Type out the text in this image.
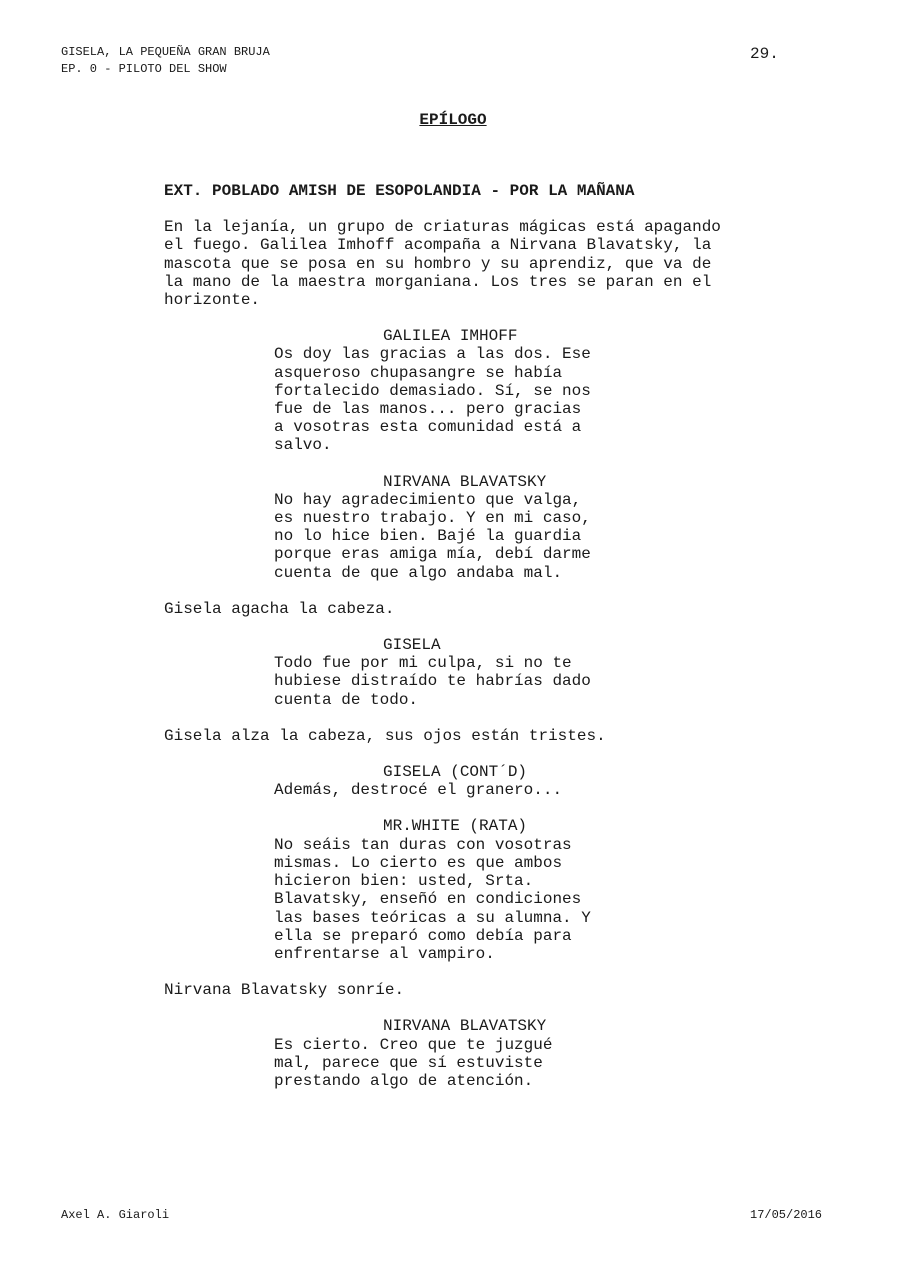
GISELA, LA PEQUEÑA GRAN BRUJA
EP. 0 - PILOTO DEL SHOW
29.
EPÍLOGO
EXT. POBLADO AMISH DE ESOPOLANDIA - POR LA MAÑANA
En la lejanía, un grupo de criaturas mágicas está apagando
el fuego. Galilea Imhoff acompaña a Nirvana Blavatsky, la
mascota que se posa en su hombro y su aprendiz, que va de
la mano de la maestra morganiana. Los tres se paran en el
horizonte.
GALILEA IMHOFF
Os doy las gracias a las dos. Ese
asqueroso chupasangre se había
fortalecido demasiado. Sí, se nos
fue de las manos... pero gracias
a vosotras esta comunidad está a
salvo.
NIRVANA BLAVATSKY
No hay agradecimiento que valga,
es nuestro trabajo. Y en mi caso,
no lo hice bien. Bajé la guardia
porque eras amiga mía, debí darme
cuenta de que algo andaba mal.
Gisela agacha la cabeza.
GISELA
Todo fue por mi culpa, si no te
hubiese distraído te habrías dado
cuenta de todo.
Gisela alza la cabeza, sus ojos están tristes.
GISELA (CONT´D)
Además, destrocé el granero...
MR.WHITE (RATA)
No seáis tan duras con vosotras
mismas. Lo cierto es que ambos
hicieron bien: usted, Srta.
Blavatsky, enseñó en condiciones
las bases teóricas a su alumna. Y
ella se preparó como debía para
enfrentarse al vampiro.
Nirvana Blavatsky sonríe.
NIRVANA BLAVATSKY
Es cierto. Creo que te juzgué
mal, parece que sí estuviste
prestando algo de atención.
Axel A. Giaroli	17/05/2016
